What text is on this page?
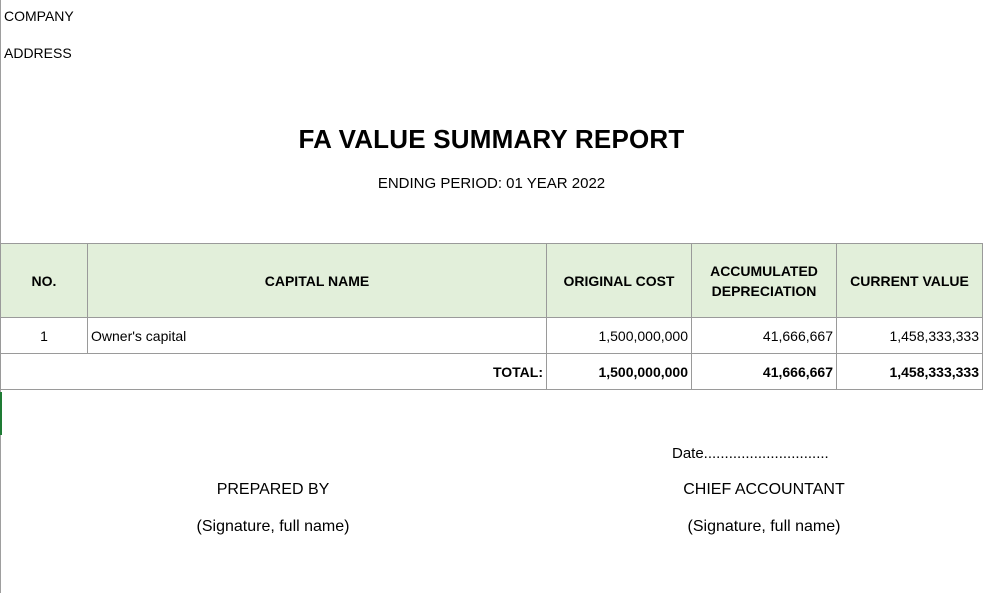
COMPANY
ADDRESS
FA VALUE SUMMARY REPORT
ENDING PERIOD: 01 YEAR 2022
NO.	CAPITAL NAME	ORIGINAL COST	ACCUMULATED DEPRECIATION	CURRENT VALUE
1	Owner's capital	1,500,000,000	41,666,667	1,458,333,333
TOTAL:		1,500,000,000	41,666,667	1,458,333,333
Date..............................
PREPARED BY
(Signature, full name)
CHIEF ACCOUNTANT
(Signature, full name)
